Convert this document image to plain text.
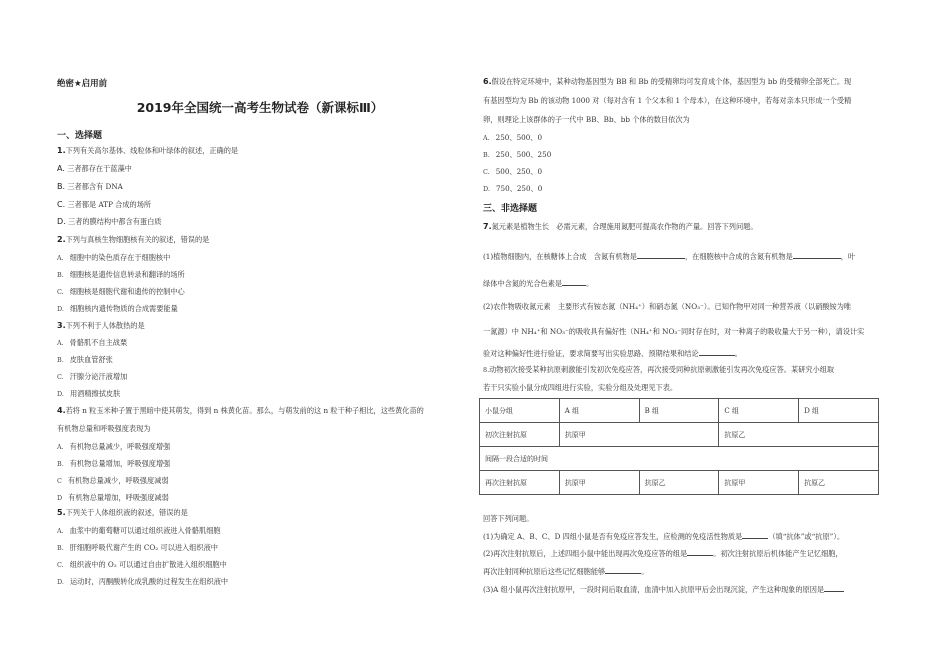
绝密★启用前
2019年全国统一高考生物试卷（新课标Ⅲ）
一、选择题
1.下列有关高尔基体、线粒体和叶绿体的叙述，正确的是
A. 三者都存在于蓝藻中
B. 三者都含有 DNA
C. 三者都是 ATP 合成的场所
D. 三者的膜结构中都含有蛋白质
2.下列与真核生物细胞核有关的叙述，错误的是
A. 细胞中的染色质存在于细胞核中
B. 细胞核是遗传信息转录和翻译的场所
C. 细胞核是细胞代谢和遗传的控制中心
D. 细胞核内遗传物质的合成需要能量
3.下列不利于人体散热的是
A. 骨骼肌不自主战栗
B. 皮肤血管舒张
C. 汗腺分泌汗液增加
D. 用酒精擦拭皮肤
4.若将 n 粒玉米种子置于黑暗中使其萌发，得到 n 株黄化苗。那么，与萌发前的这 n 粒干种子相比，这些黄化苗的
有机物总量和呼吸强度表现为
A. 有机物总量减少，呼吸强度增强
B. 有机物总量增加，呼吸强度增强
C 有机物总量减少，呼吸强度减弱
D 有机物总量增加，呼吸强度减弱
5.下列关于人体组织液的叙述，错误的是
A. 血浆中的葡萄糖可以通过组织液进入骨骼肌细胞
B. 肝细胞呼吸代谢产生的 CO₂ 可以进入组织液中
C. 组织液中的 O₂ 可以通过自由扩散进入组织细胞中
D. 运动时，丙酮酸转化成乳酸的过程发生在组织液中
6.假设在特定环境中，某种动物基因型为 BB 和 Bb 的受精卵均可发育成个体，基因型为 bb 的受精卵全部死亡。现
有基因型均为 Bb 的该动物 1000 对（每对含有 1 个父本和 1 个母本），在这种环境中，若每对亲本只形成一个受精
卵，则理论上该群体的子一代中 BB、Bb、bb 个体的数目依次为
A. 250、500、0
B. 250、500、250
C. 500、250、0
D. 750、250、0
三、非选择题
7.氮元素是植物生长　必需元素，合理施用氮肥可提高农作物的产量。回答下列问题。
(1)植物细胞内，在核糖体上合成　含氮有机物是	，在细胞核中合成的含氮有机物是	，叶
绿体中含氮的光合色素是	。
(2)农作物吸收氮元素　主要形式有铵态氮（NH₄⁺）和硝态氮（NO₃⁻）。已知作物甲对同一种营养液（以硝酸铵为唯
一氮源）中 NH₄⁺和 NO₃⁻的吸收具有偏好性（NH₄⁺和 NO₃⁻同时存在时，对一种离子的吸收量大于另一种），请设计实
验对这种偏好性进行验证，要求简要写出实验思路、预期结果和结论	。
8.动物初次接受某种抗原刺激能引发初次免疫应答，再次接受同种抗原刺激能引发再次免疫应答。某研究小组取
若干只实验小鼠分成四组进行实验，实验分组及处理见下表。
小鼠分组	A 组	B 组	C 组	D 组
初次注射抗原	抗原甲		抗原乙	
间隔一段合适的时间				
再次注射抗原	抗原甲	抗原乙	抗原甲	抗原乙
回答下列问题。
(1)为确定 A、B、C、D 四组小鼠是否有免疫应答发生，应检测的免疫活性物质是	（填“抗体”或“抗原”）。
(2)再次注射抗原后，上述四组小鼠中能出现再次免疫应答的组是	。初次注射抗原后机体能产生记忆细胞，
再次注射同种抗原后这些记忆细胞能够	。
(3)A 组小鼠再次注射抗原甲，一段时间后取血清，血清中加入抗原甲后会出现沉淀，产生这种现象的原因是
